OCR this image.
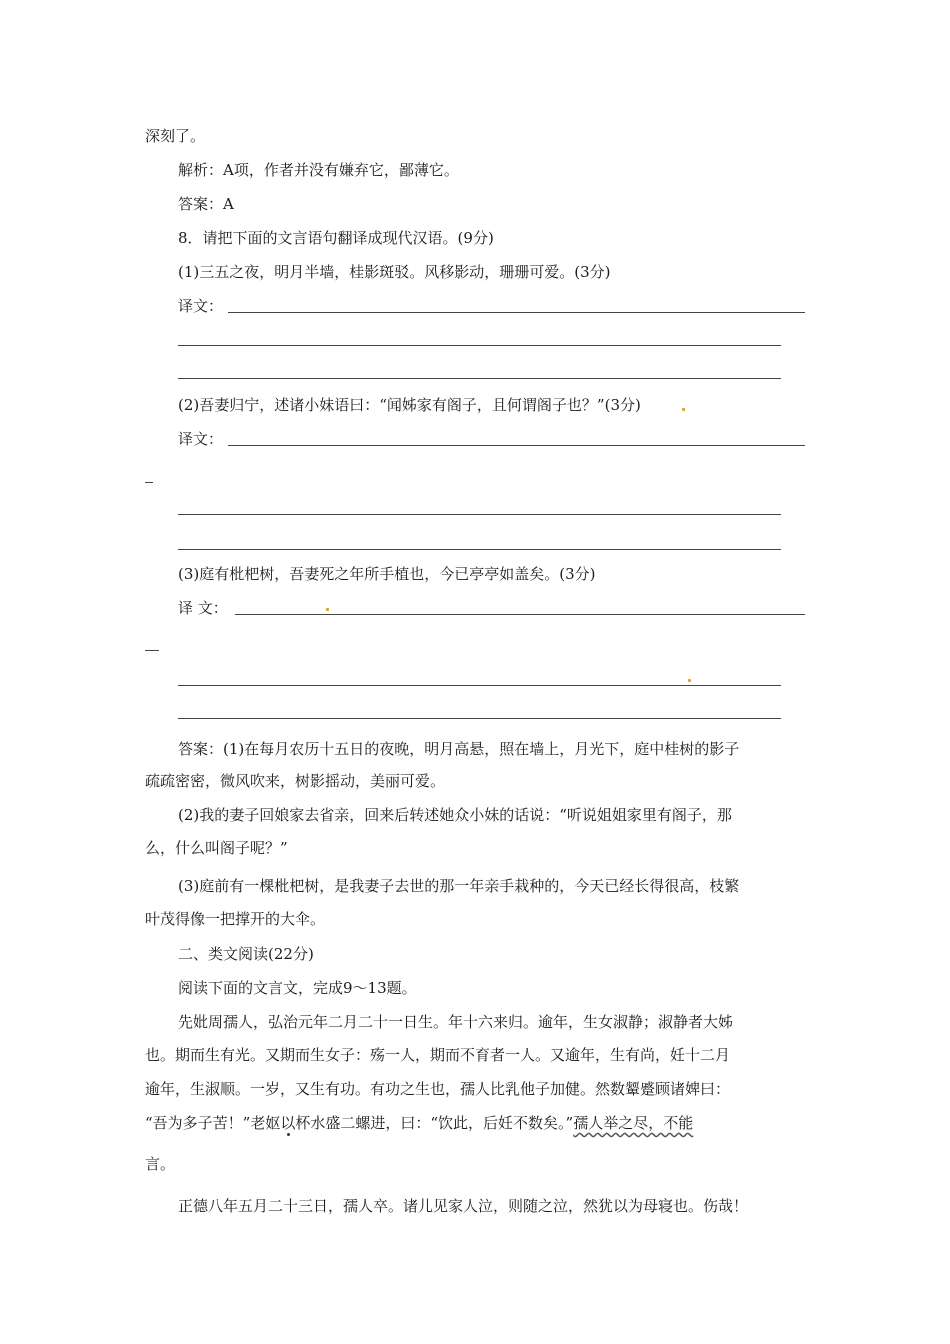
深刻了。
解析：A项，作者并没有嫌弃它，鄙薄它。
答案：A
8．请把下面的文言语句翻译成现代汉语。(9分)
(1)三五之夜，明月半墙，桂影斑驳。风移影动，珊珊可爱。(3分)
译文：
(2)吾妻归宁，述诸小妹语曰：“闻姊家有阁子，且何谓阁子也？”(3分)
译文：
(3)庭有枇杷树，吾妻死之年所手植也，今已亭亭如盖矣。(3分)
译 文：
答案：(1)在每月农历十五日的夜晚，明月高悬，照在墙上，月光下，庭中桂树的影子
疏疏密密，微风吹来，树影摇动，美丽可爱。
(2)我的妻子回娘家去省亲，回来后转述她众小妹的话说：“听说姐姐家里有阁子，那
么，什么叫阁子呢？”
(3)庭前有一棵枇杷树，是我妻子去世的那一年亲手栽种的，今天已经长得很高，枝繁
叶茂得像一把撑开的大伞。
二、类文阅读(22分)
阅读下面的文言文，完成9～13题。
先妣周孺人，弘治元年二月二十一日生。年十六来归。逾年，生女淑静；淑静者大姊
也。期而生有光。又期而生女子：殇一人，期而不育者一人。又逾年，生有尚，妊十二月
逾年，生淑顺。一岁，又生有功。有功之生也，孺人比乳他子加健。然数颦蹙顾诸婢曰：
“吾为多子苦！”老妪以杯水盛二螺进，曰：“饮此，后妊不数矣。”孺人举之尽，不能
言。
正德八年五月二十三日，孺人卒。诸儿见家人泣，则随之泣，然犹以为母寝也。伤哉！
